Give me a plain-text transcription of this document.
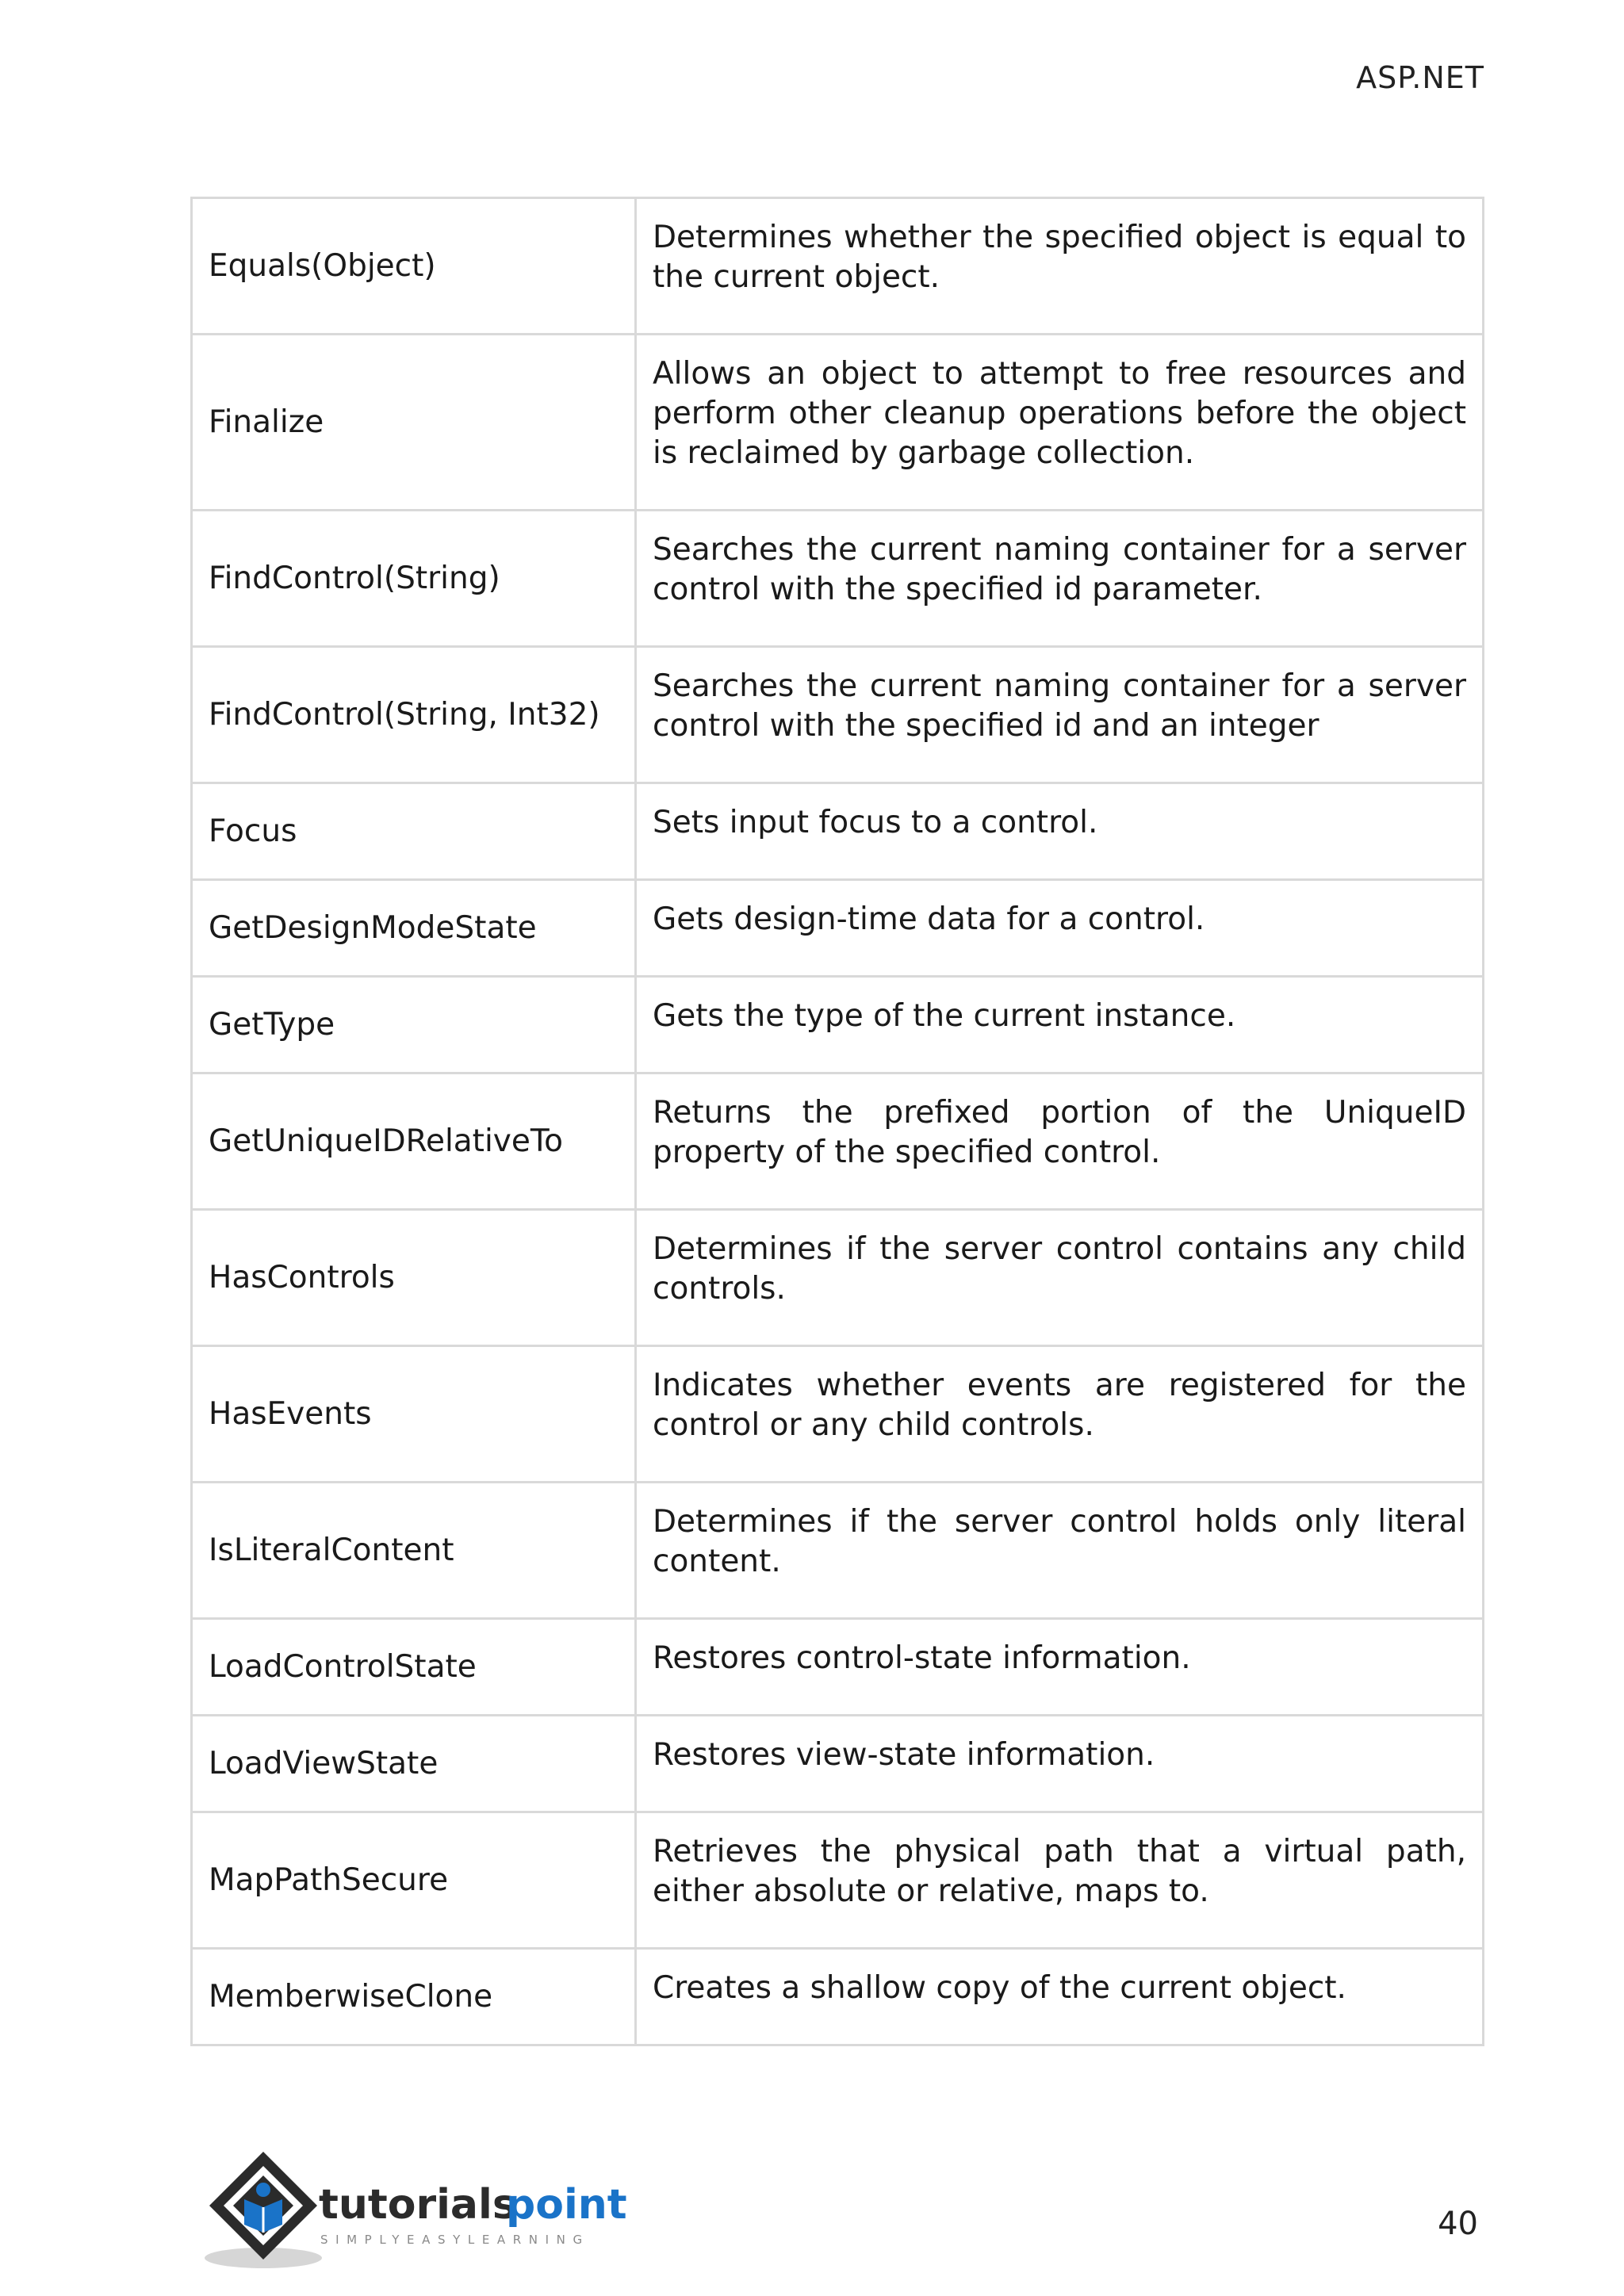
ASP.NET
Equals(Object)	Determines whether the specified object is equal to the current object.

Finalize	Allows an object to attempt to free resources and perform other cleanup operations before the object is reclaimed by garbage collection.

FindControl(String)	Searches the current naming container for a server control with the specified id parameter.

FindControl(String, Int32)	Searches the current naming container for a server control with the specified id and an integer

Focus	Sets input focus to a control.

GetDesignModeState	Gets design-time data for a control.

GetType	Gets the type of the current instance.

GetUniqueIDRelativeTo	Returns the prefixed portion of the UniqueID property of the specified control.

HasControls	Determines if the server control contains any child controls.

HasEvents	Indicates whether events are registered for the control or any child controls.

IsLiteralContent	Determines if the server control holds only literal content.

LoadControlState	Restores control-state information.

LoadViewState	Restores view-state information.

MapPathSecure	Retrieves the physical path that a virtual path, either absolute or relative, maps to.

MemberwiseClone	Creates a shallow copy of the current object.
tutorials
point
SIMPLYEASYLEARNING	40
